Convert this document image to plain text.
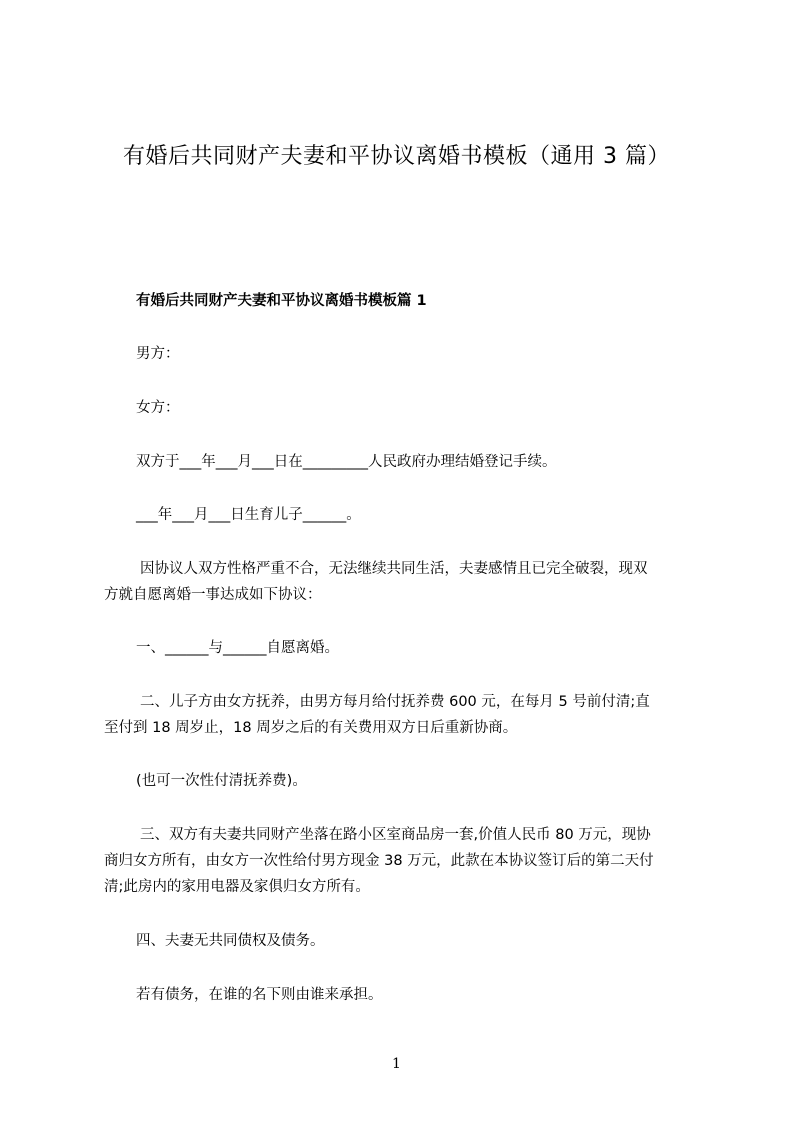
有婚后共同财产夫妻和平协议离婚书模板（通用 3 篇）
有婚后共同财产夫妻和平协议离婚书模板篇 1
男方：
女方：
双方于___年___月___日在_________人民政府办理结婚登记手续。
___年___月___日生育儿子______。
因协议人双方性格严重不合，无法继续共同生活，夫妻感情且已完全破裂，现双
方就自愿离婚一事达成如下协议：
一、______与______自愿离婚。
二、儿子方由女方抚养，由男方每月给付抚养费 600 元，在每月 5 号前付清;直
至付到 18 周岁止，18 周岁之后的有关费用双方日后重新协商。
(也可一次性付清抚养费)。
三、双方有夫妻共同财产坐落在路小区室商品房一套,价值人民币 80 万元，现协
商归女方所有，由女方一次性给付男方现金 38 万元，此款在本协议签订后的第二天付
清;此房内的家用电器及家俱归女方所有。
四、夫妻无共同债权及债务。
若有债务，在谁的名下则由谁来承担。
1
